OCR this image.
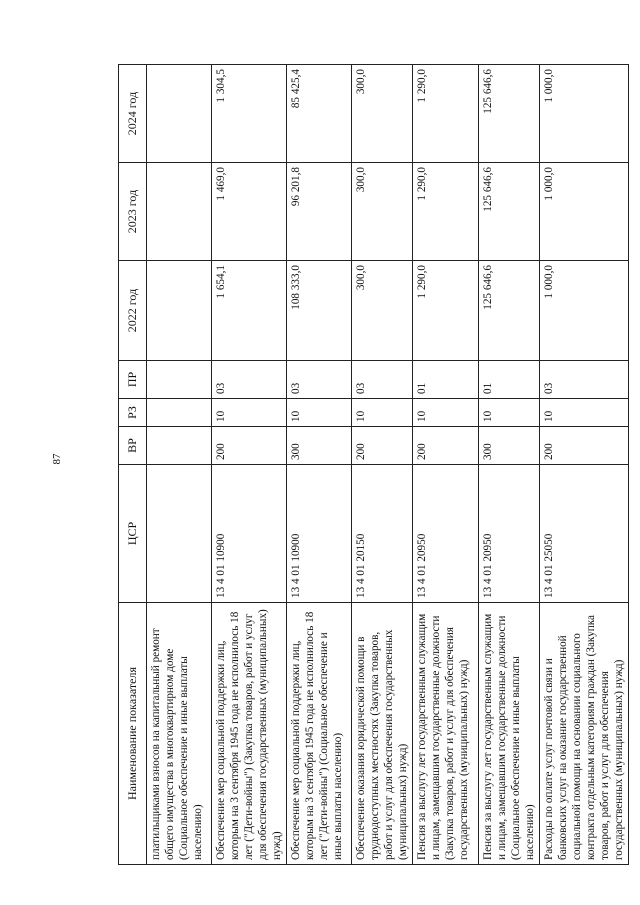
87
Наименование показателя	ЦСР	ВР	РЗ	ПР	2022 год	2023 год	2024 год
платильщиками взносов на капитальный ремонт общего имущества в многоквартирном доме (Социальное обеспечение и иные выплаты населению)							
Обеспечение мер социальной поддержки лиц, которым на 3 сентября 1945 года не исполнилось 18 лет ("Дети-войны") (Закупка товаров, работ и услуг для обеспечения государственных (муниципальных) нужд)	13 4 01 10900	200	10	03	1 654,1	1 469,0	1 304,5
Обеспечение мер социальной поддержки лиц, которым на 3 сентября 1945 года не исполнилось 18 лет ("Дети-войны") (Социальное обеспечение и иные выплаты населению)	13 4 01 10900	300	10	03	108 333,0	96 201,8	85 425,4
Обеспечение оказания юридической помощи в труднодоступных местностях (Закупка товаров, работ и услуг для обеспечения государственных (муниципальных) нужд)	13 4 01 20150	200	10	03	300,0	300,0	300,0
Пенсия за выслугу лет государственным служащим и лицам, замещавшим государственные должности (Закупка товаров, работ и услуг для обеспечения государственных (муниципальных) нужд)	13 4 01 20950	200	10	01	1 290,0	1 290,0	1 290,0
Пенсия за выслугу лет государственным служащим и лицам, замещавшим государственные должности (Социальное обеспечение и иные выплаты населению)	13 4 01 20950	300	10	01	125 646,6	125 646,6	125 646,6
Расходы по оплате услуг почтовой связи и банковских услуг на оказание государственной социальной помощи на основании социального контракта отдельным категориям граждан (Закупка товаров, работ и услуг для обеспечения государственных (муниципальных) нужд)	13 4 01 25050	200	10	03	1 000,0	1 000,0	1 000,0
